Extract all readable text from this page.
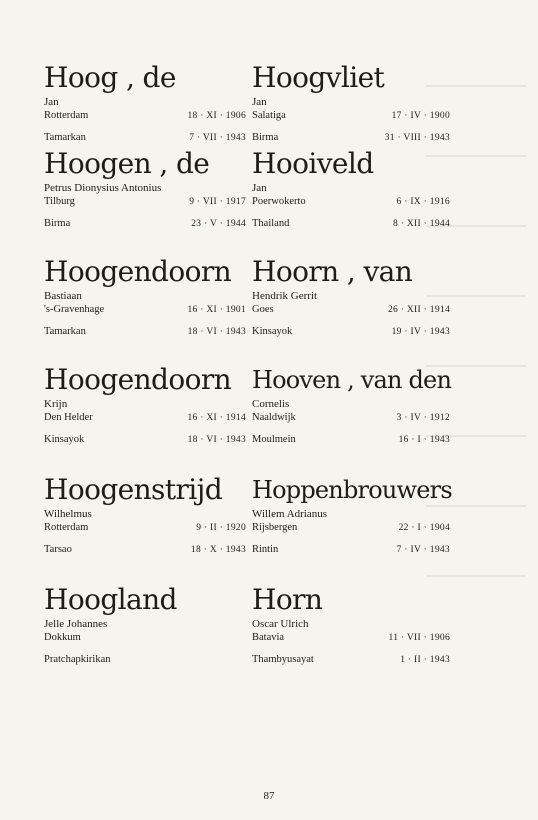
Hoog , de
Jan
Rotterdam	18 · XI · 1906
Tamarkan	7 · VII · 1943
Hoogen , de
Petrus Dionysius Antonius
Tilburg	9 · VII · 1917
Birma	23 · V · 1944
Hoogendoorn
Bastiaan
's-Gravenhage	16 · XI · 1901
Tamarkan	18 · VI · 1943
Hoogendoorn
Krijn
Den Helder	16 · XI · 1914
Kinsayok	18 · VI · 1943
Hoogenstrijd
Wilhelmus
Rotterdam	9 · II · 1920
Tarsao	18 · X · 1943
Hoogland
Jelle Johannes
Dokkum
Pratchapkirikan
Hoogvliet
Jan
Salatiga	17 · IV · 1900
Birma	31 · VIII · 1943
Hooiveld
Jan
Poerwokerto	6 · IX · 1916
Thailand	8 · XII · 1944
Hoorn , van
Hendrik Gerrit
Goes	26 · XII · 1914
Kinsayok	19 · IV · 1943
Hooven , van den
Cornelis
Naaldwijk	3 · IV · 1912
Moulmein	16 · I · 1943
Hoppenbrouwers
Willem Adrianus
Rijsbergen	22 · I · 1904
Rintin	7 · IV · 1943
Horn
Oscar Ulrich
Batavia	11 · VII · 1906
Thambyusayat	1 · II · 1943
87
